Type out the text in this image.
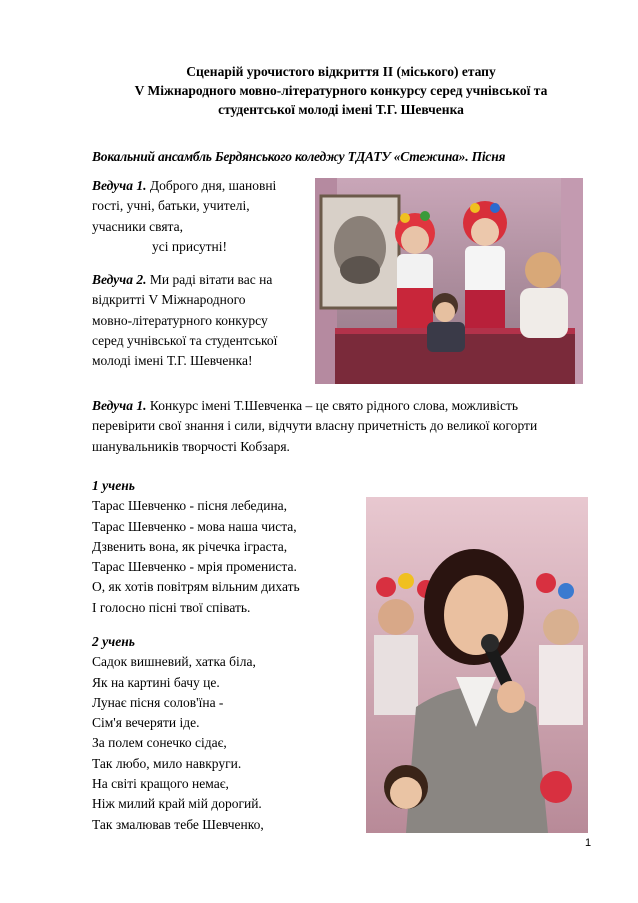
Сценарій урочистого відкриття ІІ (міського) етапу
V Міжнародного мовно-літературного конкурсу серед учнівської та
студентської молоді імені Т.Г. Шевченка
Вокальний ансамбль Бердянського коледжу ТДАТУ «Стежина». Пісня
Ведуча 1. Доброго дня, шановні
гості, учні, батьки, учителі,
учасники свята,
усі присутні!
Ведуча 2. Ми раді вітати вас на
відкритті V Міжнародного
мовно-літературного конкурсу
серед учнівської та студентської
молоді імені Т.Г. Шевченка!
Ведуча 1. Конкурс імені Т.Шевченка – це свято рідного слова, можливість
перевірити свої знання і сили, відчути власну причетність до великої когорти
шанувальників творчості Кобзаря.
1 учень
Тарас Шевченко - пісня лебедина,
Тарас Шевченко - мова наша чиста,
Дзвенить вона, як річечка іграста,
Тарас Шевченко - мрія промениста.
О, як хотів повітрям вільним дихать
І голосно пісні твої співать.
2 учень
Садок вишневий, хатка біла,
Як на картині бачу це.
Лунає пісня солов'їна -
Сім'я вечеряти іде.
За полем сонечко сідає,
Так любо, мило навкруги.
На світі кращого немає,
Ніж милий край мій дорогий.
Так змалював тебе Шевченко,
1
